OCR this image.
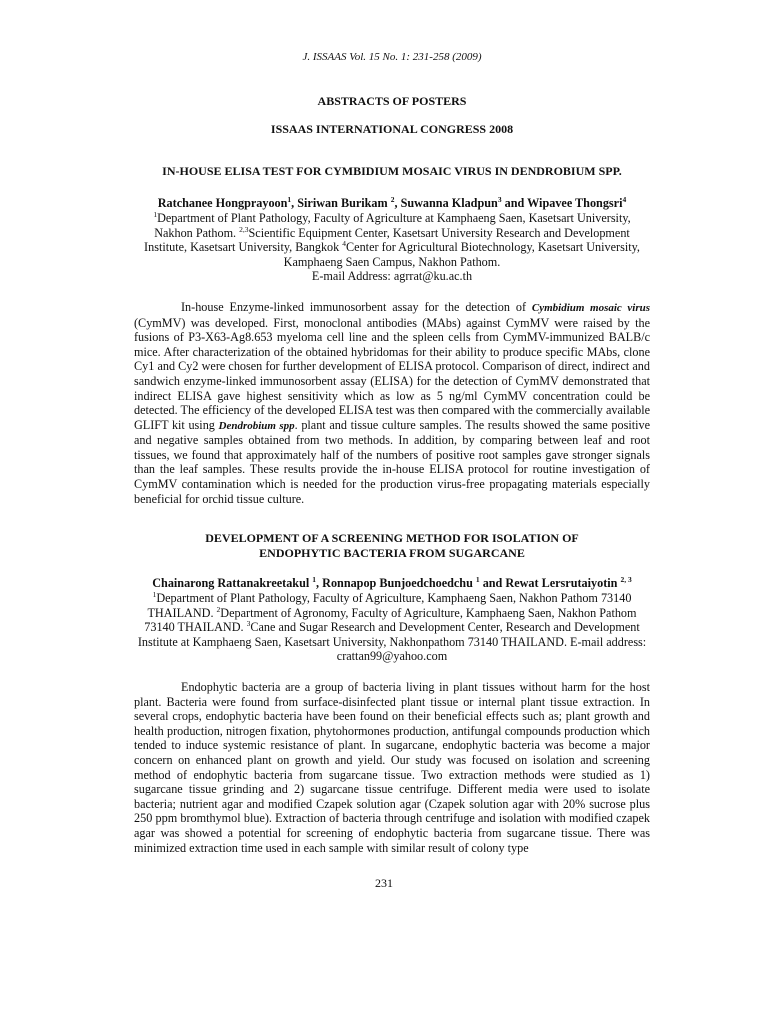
J. ISSAAS Vol. 15 No. 1: 231-258 (2009)

ABSTRACTS OF POSTERS

ISSAAS INTERNATIONAL CONGRESS 2008

IN-HOUSE ELISA TEST FOR CYMBIDIUM MOSAIC VIRUS IN DENDROBIUM SPP.

Ratchanee Hongprayoon$^1$, Siriwan Burikam $^2$, Suwanna Kladpun$^3$ and Wipavee Thongsri$^4$

$^1$Department of Plant Pathology, Faculty of Agriculture at Kamphaeng Saen, Kasetsart University, Nakhon Pathom. $^{2,3}$Scientific Equipment Center, Kasetsart University Research and Development Institute, Kasetsart University, Bangkok $^4$Center for Agricultural Biotechnology, Kasetsart University, Kamphaeng Saen Campus, Nakhon Pathom.
E-mail Address: agrrat@ku.ac.th

In-house Enzyme-linked immunosorbent assay for the detection of Cymbidium mosaic virus (CymMV) was developed. First, monoclonal antibodies (MAbs) against CymMV were raised by the fusions of P3-X63-Ag8.653 myeloma cell line and the spleen cells from CymMV-immunized BALB/c mice. After characterization of the obtained hybridomas for their ability to produce specific MAbs, clone Cy1 and Cy2 were chosen for further development of ELISA protocol. Comparison of direct, indirect and sandwich enzyme-linked immunosorbent assay (ELISA) for the detection of CymMV demonstrated that indirect ELISA gave highest sensitivity which as low as 5 ng/ml CymMV concentration could be detected. The efficiency of the developed ELISA test was then compared with the commercially available GLIFT kit using Dendrobium spp. plant and tissue culture samples. The results showed the same positive and negative samples obtained from two methods. In addition, by comparing between leaf and root tissues, we found that approximately half of the numbers of positive root samples gave stronger signals than the leaf samples. These results provide the in-house ELISA protocol for routine investigation of CymMV contamination which is needed for the production virus-free propagating materials especially beneficial for orchid tissue culture.

DEVELOPMENT OF A SCREENING METHOD FOR ISOLATION OF
ENDOPHYTIC BACTERIA FROM SUGARCANE

Chainarong Rattanakreetakul $^1$, Ronnapop Bunjoedchoedchu $^1$ and Rewat Lersrutaiyotin $^{2, 3}$

$^1$Department of Plant Pathology, Faculty of Agriculture, Kamphaeng Saen, Nakhon Pathom 73140 THAILAND. $^2$Department of Agronomy, Faculty of Agriculture, Kamphaeng Saen, Nakhon Pathom 73140 THAILAND. $^3$Cane and Sugar Research and Development Center, Research and Development Institute at Kamphaeng Saen, Kasetsart University, Nakhonpathom 73140 THAILAND. E-mail address: crattan99@yahoo.com

Endophytic bacteria are a group of bacteria living in plant tissues without harm for the host plant. Bacteria were found from surface-disinfected plant tissue or internal plant tissue extraction. In several crops, endophytic bacteria have been found on their beneficial effects such as; plant growth and health production, nitrogen fixation, phytohormones production, antifungal compounds production which tended to induce systemic resistance of plant. In sugarcane, endophytic bacteria was become a major concern on enhanced plant on growth and yield. Our study was focused on isolation and screening method of endophytic bacteria from sugarcane tissue. Two extraction methods were studied as 1) sugarcane tissue grinding and 2) sugarcane tissue centrifuge. Different media were used to isolate bacteria; nutrient agar and modified Czapek solution agar (Czapek solution agar with 20% sucrose plus 250 ppm bromthymol blue). Extraction of bacteria through centrifuge and isolation with modified czapek agar was showed a potential for screening of endophytic bacteria from sugarcane tissue. There was minimized extraction time used in each sample with similar result of colony type

231
